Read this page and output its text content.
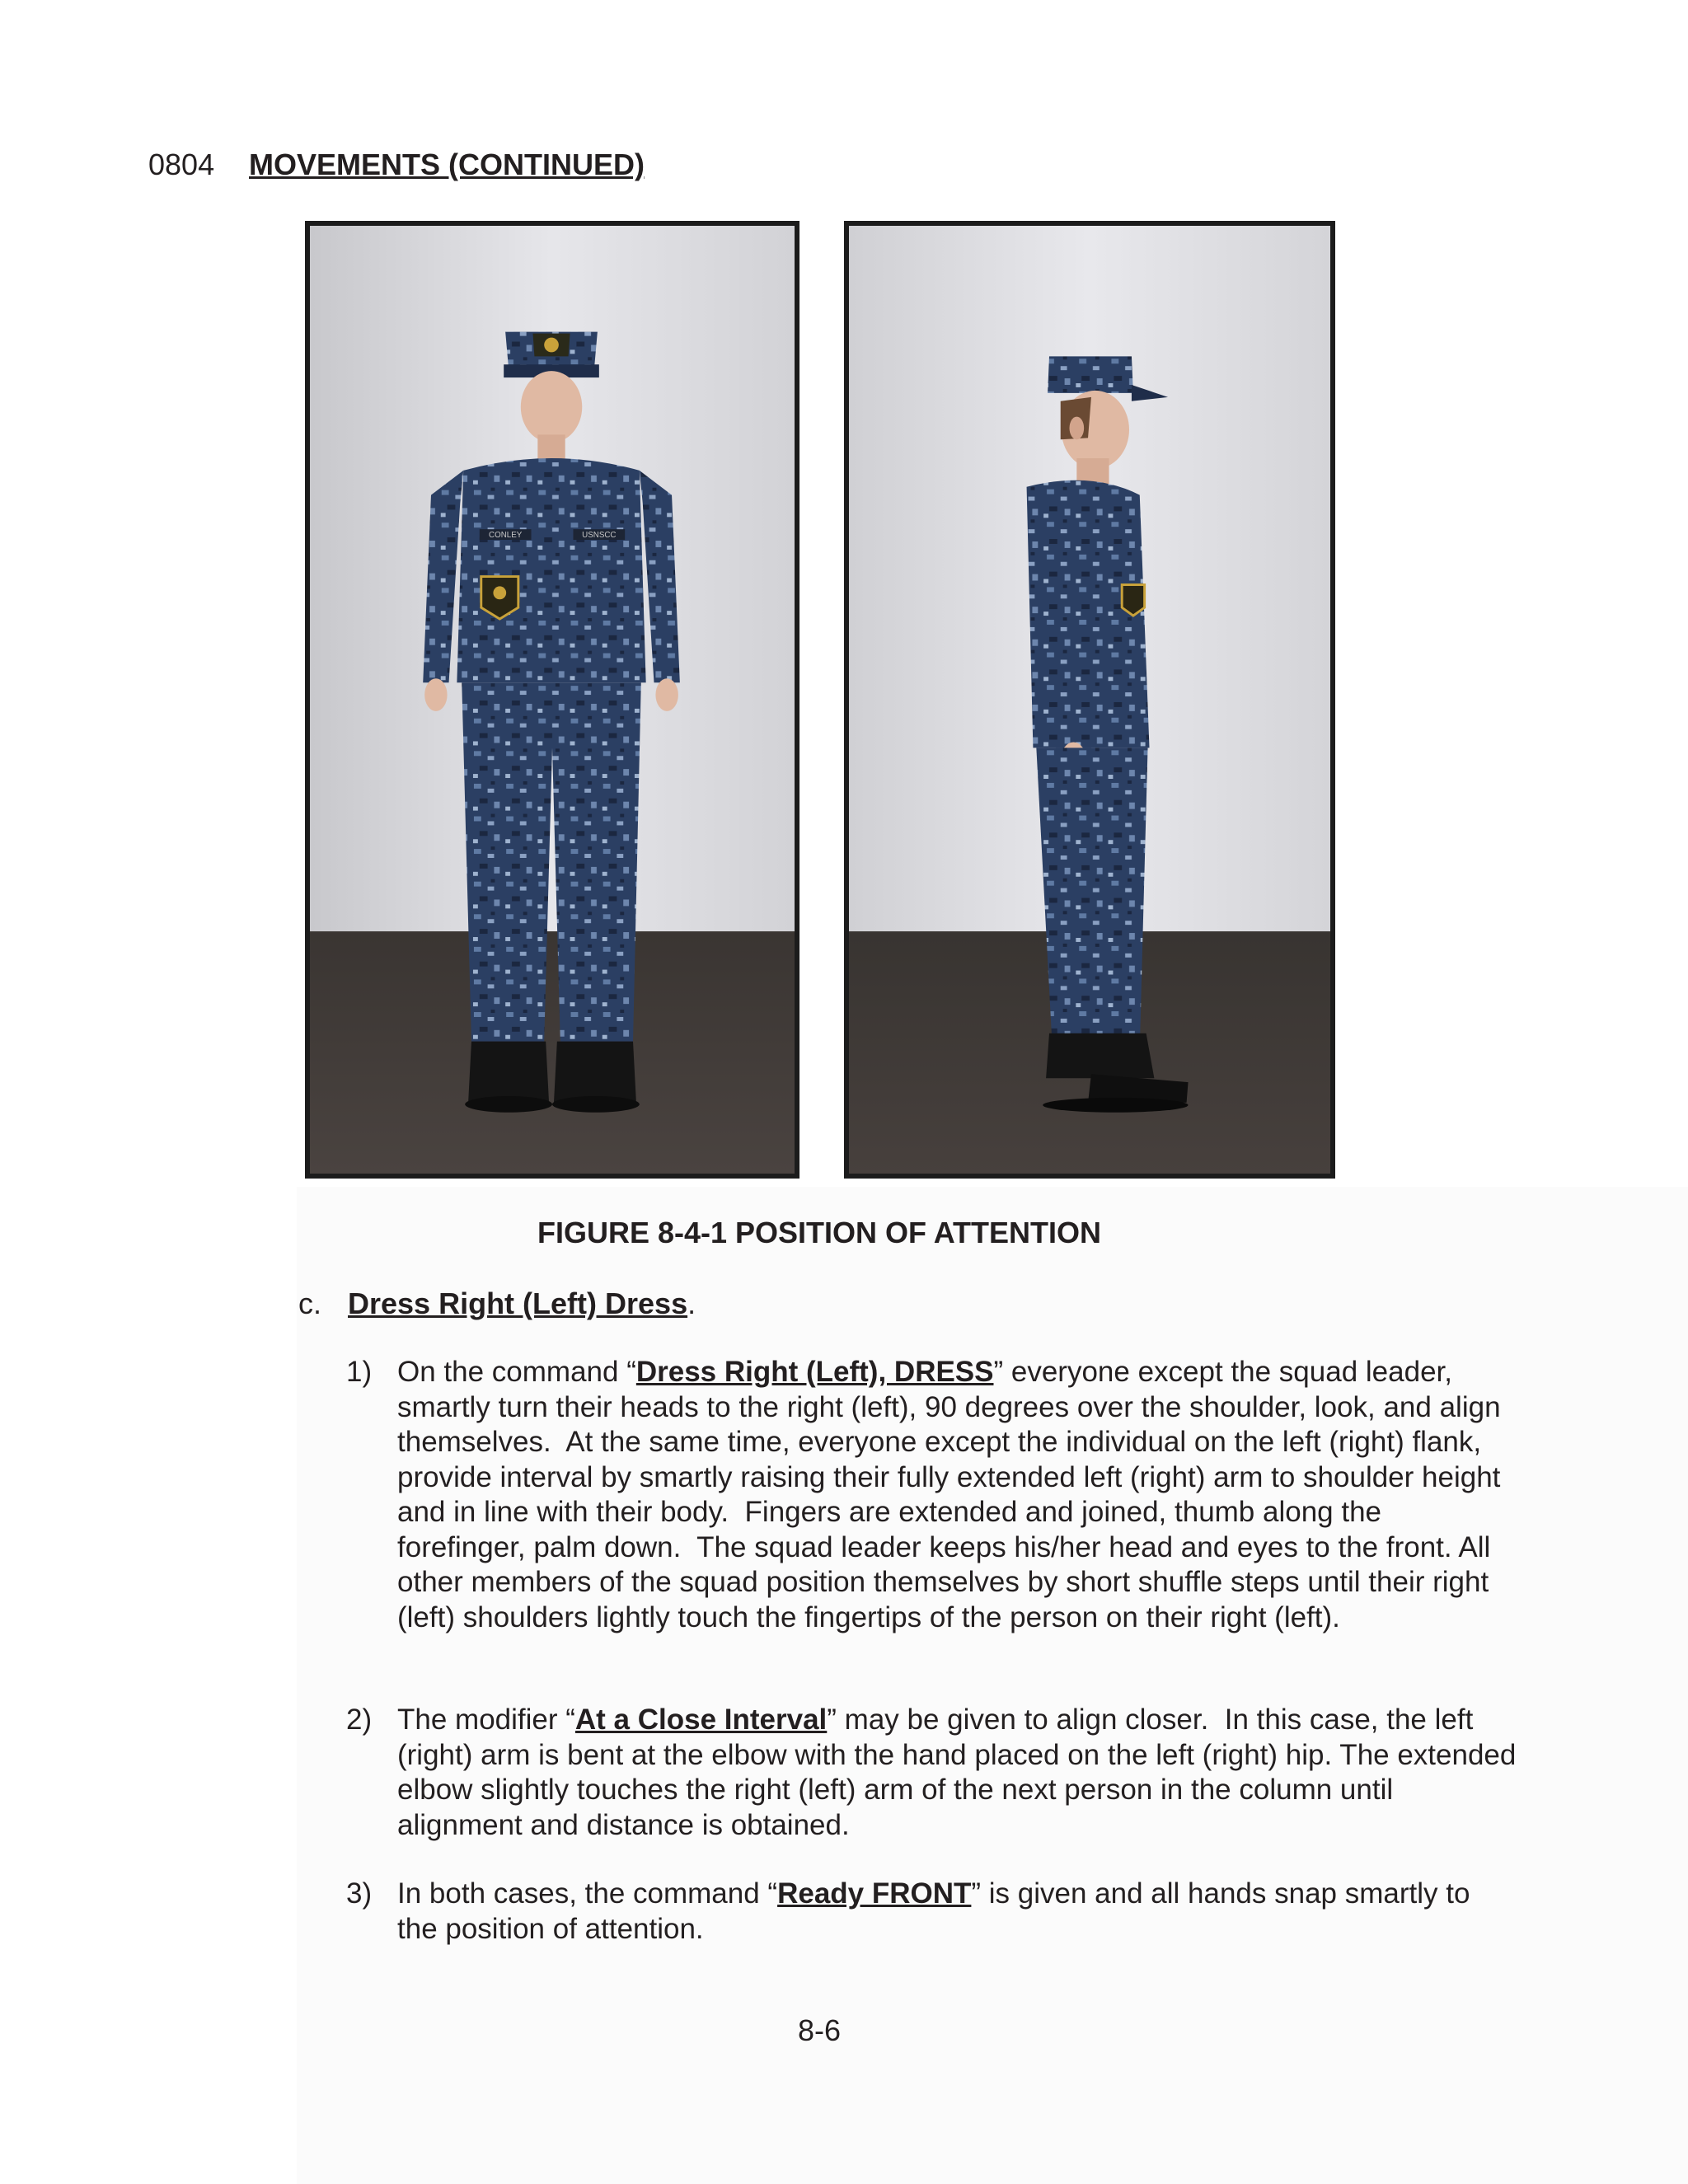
0804 MOVEMENTS (CONTINUED)
CONLEY	USNSCC
FIGURE 8-4-1 POSITION OF ATTENTION
c. Dress Right (Left) Dress.
1) On the command “Dress Right (Left), DRESS” everyone except the squad leader, smartly turn their heads to the right (left), 90 degrees over the shoulder, look, and align themselves.  At the same time, everyone except the individual on the left (right) flank, provide interval by smartly raising their fully extended left (right) arm to shoulder height and in line with their body.  Fingers are extended and joined, thumb along the forefinger, palm down.  The squad leader keeps his/her head and eyes to the front. All other members of the squad position themselves by short shuffle steps until their right (left) shoulders lightly touch the fingertips of the person on their right (left).
2) The modifier “At a Close Interval” may be given to align closer.  In this case, the left (right) arm is bent at the elbow with the hand placed on the left (right) hip. The extended elbow slightly touches the right (left) arm of the next person in the column until alignment and distance is obtained.
3) In both cases, the command “Ready FRONT” is given and all hands snap smartly to the position of attention.
8-6
